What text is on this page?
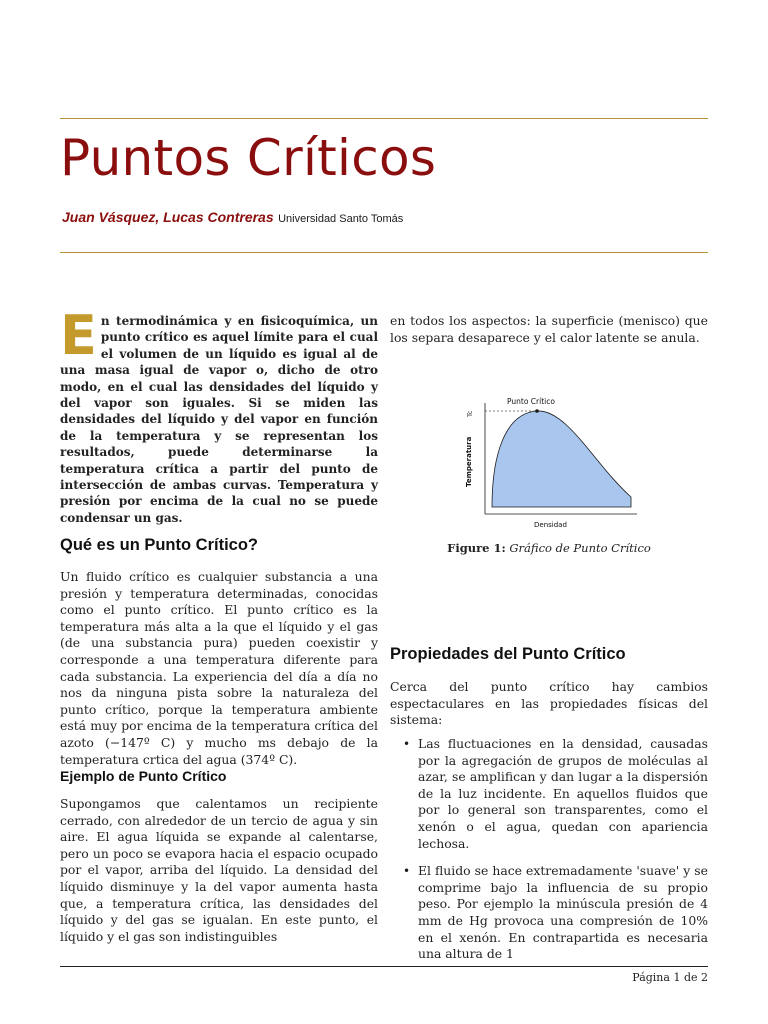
Puntos Críticos
Juan Vásquez, Lucas Contreras Universidad Santo Tomás

En termodinámica y en fisicoquímica, un punto crítico es aquel límite para el cual el volumen de un líquido es igual al de una masa igual de vapor o, dicho de otro modo, en el cual las densidades del líquido y del vapor son iguales. Si se miden las densidades del líquido y del vapor en función de la temperatura y se representan los resultados, puede determinarse la temperatura crítica a partir del punto de intersección de ambas curvas. Temperatura y presión por encima de la cual no se puede condensar un gas.

Qué es un Punto Crítico?

Un fluido crítico es cualquier substancia a una presión y temperatura determinadas, conocidas como el punto crítico. El punto crítico es la temperatura más alta a la que el líquido y el gas (de una substancia pura) pueden coexistir y corresponde a una temperatura diferente para cada substancia. La experiencia del día a día no nos da ninguna pista sobre la naturaleza del punto crítico, porque la temperatura ambiente está muy por encima de la temperatura crítica del azoto (−147º C) y mucho ms debajo de la temperatura crtica del agua (374º C).

Ejemplo de Punto Crítico

Supongamos que calentamos un recipiente cerrado, con alrededor de un tercio de agua y sin aire. El agua líquida se expande al calentarse, pero un poco se evapora hacia el espacio ocupado por el vapor, arriba del líquido. La densidad del líquido disminuye y la del vapor aumenta hasta que, a temperatura crítica, las densidades del líquido y del gas se igualan. En este punto, el líquido y el gas son indistinguibles

en todos los aspectos: la superficie (menisco) que los separa desaparece y el calor latente se anula.

Punto Crítico
Tc
Temperatura
Densidad

Figure 1: Gráfico de Punto Crítico

Propiedades del Punto Crítico

Cerca del punto crítico hay cambios espectaculares en las propiedades físicas del sistema:

• Las fluctuaciones en la densidad, causadas por la agregación de grupos de moléculas al azar, se amplifican y dan lugar a la dispersión de la luz incidente. En aquellos fluidos que por lo general son transparentes, como el xenón o el agua, quedan con apariencia lechosa.

• El fluido se hace extremadamente 'suave' y se comprime bajo la influencia de su propio peso. Por ejemplo la minúscula presión de 4 mm de Hg provoca una compresión de 10% en el xenón. En contrapartida es necesaria una altura de 1

Página 1 de 2
